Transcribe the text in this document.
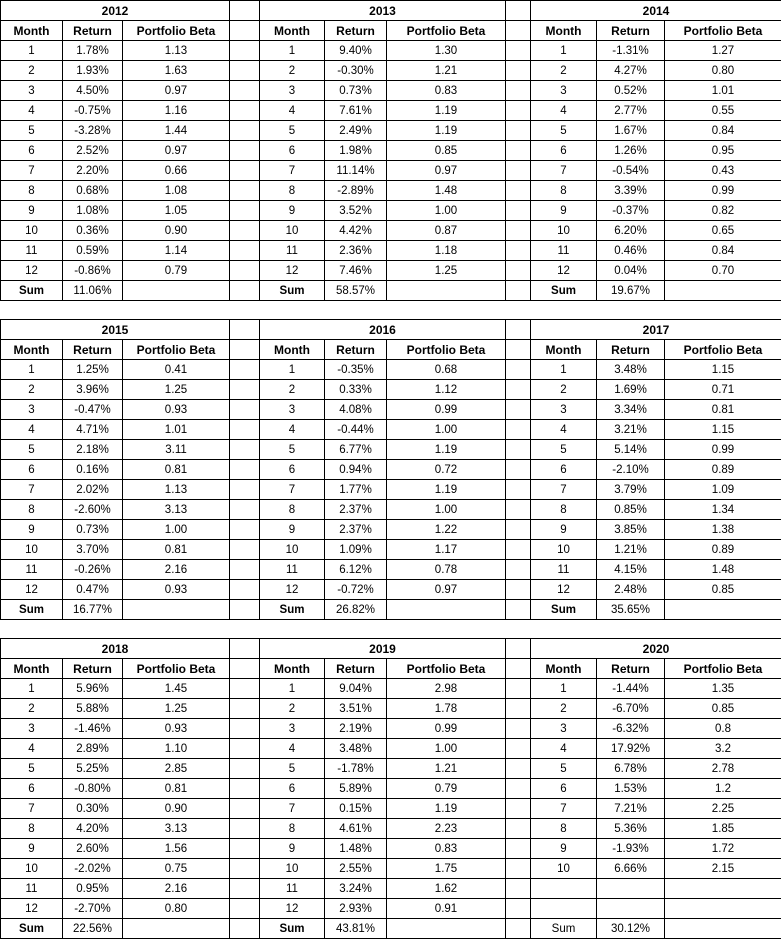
2012				2013				2014		
Month	Return	Portfolio Beta		Month	Return	Portfolio Beta		Month	Return	Portfolio Beta
1	1.78%	1.13		1	9.40%	1.30		1	-1.31%	1.27
2	1.93%	1.63		2	-0.30%	1.21		2	4.27%	0.80
3	4.50%	0.97		3	0.73%	0.83		3	0.52%	1.01
4	-0.75%	1.16		4	7.61%	1.19		4	2.77%	0.55
5	-3.28%	1.44		5	2.49%	1.19		5	1.67%	0.84
6	2.52%	0.97		6	1.98%	0.85		6	1.26%	0.95
7	2.20%	0.66		7	11.14%	0.97		7	-0.54%	0.43
8	0.68%	1.08		8	-2.89%	1.48		8	3.39%	0.99
9	1.08%	1.05		9	3.52%	1.00		9	-0.37%	0.82
10	0.36%	0.90		10	4.42%	0.87		10	6.20%	0.65
11	0.59%	1.14		11	2.36%	1.18		11	0.46%	0.84
12	-0.86%	0.79		12	7.46%	1.25		12	0.04%	0.70
Sum	11.06%			Sum	58.57%			Sum	19.67%	

2015				2016				2017		
Month	Return	Portfolio Beta		Month	Return	Portfolio Beta		Month	Return	Portfolio Beta
1	1.25%	0.41		1	-0.35%	0.68		1	3.48%	1.15
2	3.96%	1.25		2	0.33%	1.12		2	1.69%	0.71
3	-0.47%	0.93		3	4.08%	0.99		3	3.34%	0.81
4	4.71%	1.01		4	-0.44%	1.00		4	3.21%	1.15
5	2.18%	3.11		5	6.77%	1.19		5	5.14%	0.99
6	0.16%	0.81		6	0.94%	0.72		6	-2.10%	0.89
7	2.02%	1.13		7	1.77%	1.19		7	3.79%	1.09
8	-2.60%	3.13		8	2.37%	1.00		8	0.85%	1.34
9	0.73%	1.00		9	2.37%	1.22		9	3.85%	1.38
10	3.70%	0.81		10	1.09%	1.17		10	1.21%	0.89
11	-0.26%	2.16		11	6.12%	0.78		11	4.15%	1.48
12	0.47%	0.93		12	-0.72%	0.97		12	2.48%	0.85
Sum	16.77%			Sum	26.82%			Sum	35.65%	

2018				2019				2020		
Month	Return	Portfolio Beta		Month	Return	Portfolio Beta		Month	Return	Portfolio Beta
1	5.96%	1.45		1	9.04%	2.98		1	-1.44%	1.35
2	5.88%	1.25		2	3.51%	1.78		2	-6.70%	0.85
3	-1.46%	0.93		3	2.19%	0.99		3	-6.32%	0.8
4	2.89%	1.10		4	3.48%	1.00		4	17.92%	3.2
5	5.25%	2.85		5	-1.78%	1.21		5	6.78%	2.78
6	-0.80%	0.81		6	5.89%	0.79		6	1.53%	1.2
7	0.30%	0.90		7	0.15%	1.19		7	7.21%	2.25
8	4.20%	3.13		8	4.61%	2.23		8	5.36%	1.85
9	2.60%	1.56		9	1.48%	0.83		9	-1.93%	1.72
10	-2.02%	0.75		10	2.55%	1.75		10	6.66%	2.15
11	0.95%	2.16		11	3.24%	1.62				
12	-2.70%	0.80		12	2.93%	0.91				
Sum	22.56%			Sum	43.81%			Sum	30.12%	
